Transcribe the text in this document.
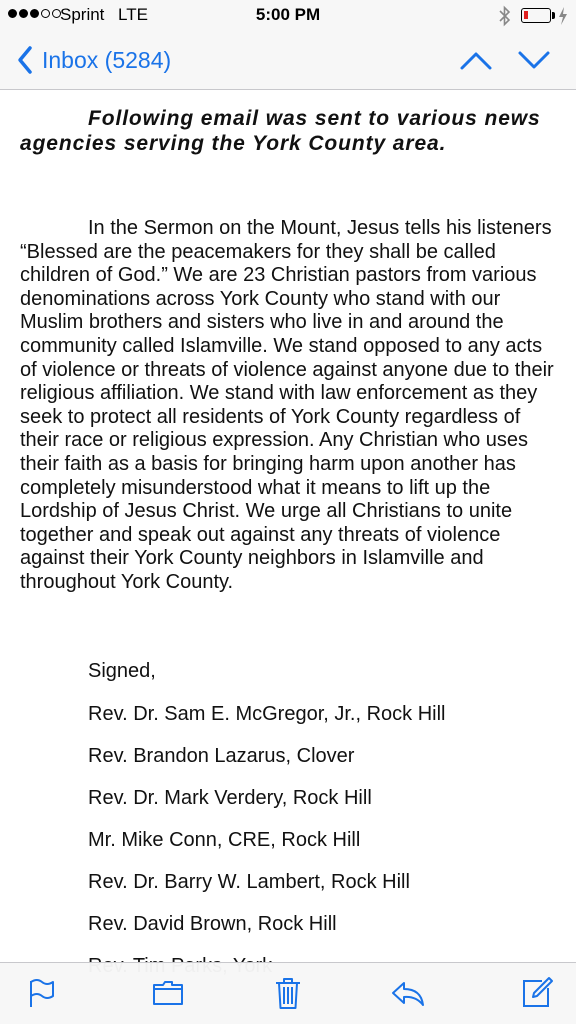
Sprint LTE	5:00 PM
Inbox (5284)

Following email was sent to various news agencies serving the York County area.

In the Sermon on the Mount, Jesus tells his listeners “Blessed are the peacemakers for they shall be called children of God.” We are 23 Christian pastors from various denominations across York County who stand with our Muslim brothers and sisters who live in and around the community called Islamville. We stand opposed to any acts of violence or threats of violence against anyone due to their religious affiliation. We stand with law enforcement as they seek to protect all residents of York County regardless of their race or religious expression. Any Christian who uses their faith as a basis for bringing harm upon another has completely misunderstood what it means to lift up the Lordship of Jesus Christ. We urge all Christians to unite together and speak out against any threats of violence against their York County neighbors in Islamville and throughout York County.

Signed,

Rev. Dr. Sam E. McGregor, Jr., Rock Hill
Rev. Brandon Lazarus, Clover
Rev. Dr. Mark Verdery, Rock Hill
Mr. Mike Conn, CRE, Rock Hill
Rev. Dr. Barry W. Lambert, Rock Hill
Rev. David Brown, Rock Hill
